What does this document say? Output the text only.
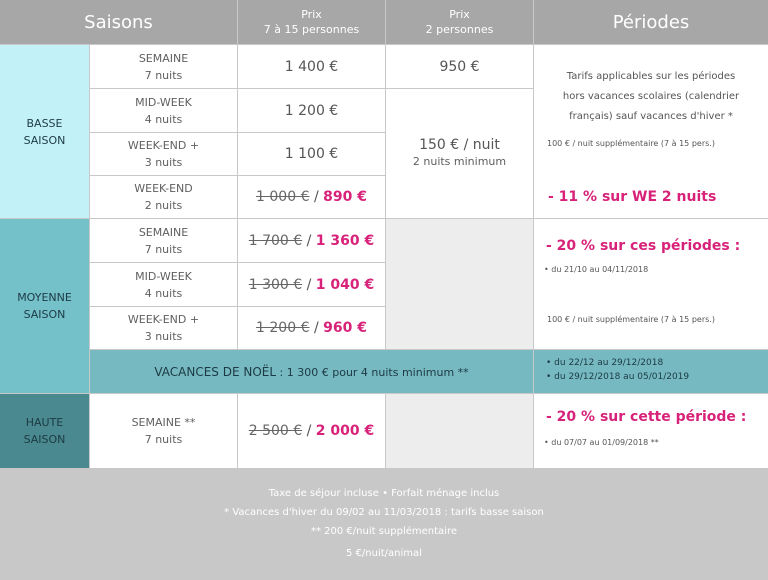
Saisons	Prix
7 à 15 personnes
Prix
2 personnes	Périodes
BASSE
SAISON
MOYENNE
SAISON
HAUTE
SAISON
SEMAINE
7 nuits
1 400 €
MID-WEEK
4 nuits
1 200 €
WEEK-END +
3 nuits
1 100 €
WEEK-END
2 nuits
1 000 € / 890 €
950 €
150 € / nuit
2 nuits minimum
Tarifs applicables sur les périodes
hors vacances scolaires (calendrier
français) sauf vacances d'hiver *
100 € / nuit supplémentaire (7 à 15 pers.)
- 11 % sur WE 2 nuits
SEMAINE
7 nuits
1 700 € / 1 360 €
MID-WEEK
4 nuits
1 300 € / 1 040 €
WEEK-END +
3 nuits
1 200 € / 960 €
- 20 % sur ces périodes :
• du 21/10 au 04/11/2018
100 € / nuit supplémentaire (7 à 15 pers.)
VACANCES DE NOËL : 1 300 € pour 4 nuits minimum **
• du 22/12 au 29/12/2018
• du 29/12/2018 au 05/01/2019
SEMAINE **
7 nuits
2 500 € / 2 000 €
- 20 % sur cette période :
• du 07/07 au 01/09/2018 **
Taxe de séjour incluse • Forfait ménage inclus
* Vacances d'hiver du 09/02 au 11/03/2018 : tarifs basse saison
** 200 €/nuit supplémentaire
5 €/nuit/animal
